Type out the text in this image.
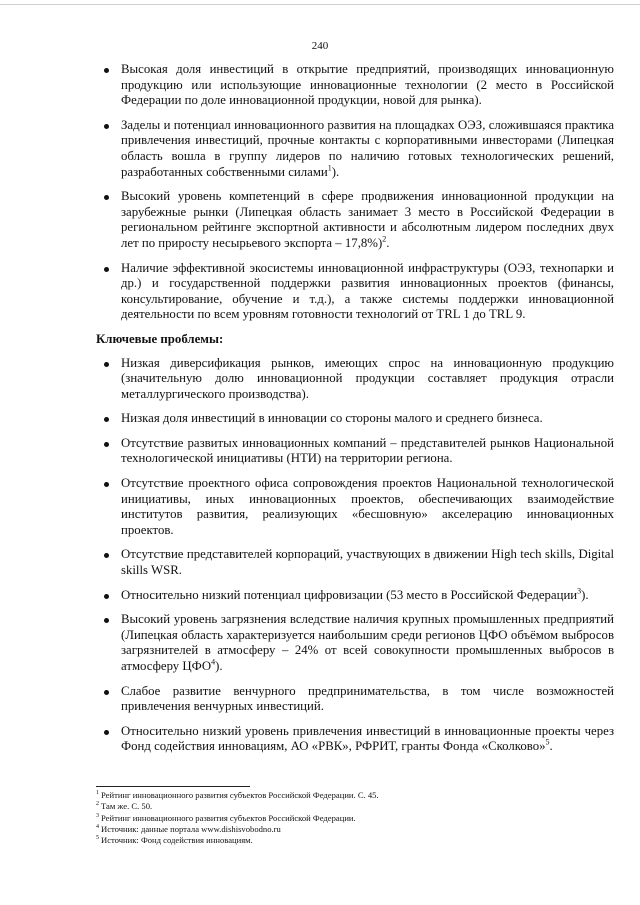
240
Высокая доля инвестиций в открытие предприятий, производящих инновационную продукцию или использующие инновационные технологии (2 место в Российской Федерации по доле инновационной продукции, новой для рынка).
Заделы и потенциал инновационного развития на площадках ОЭЗ, сложившаяся практика привлечения инвестиций, прочные контакты с корпоративными инвесторами (Липецкая область вошла в группу лидеров по наличию готовых технологических решений, разработанных собственными силами$^1$).
Высокий уровень компетенций в сфере продвижения инновационной продукции на зарубежные рынки (Липецкая область занимает 3 место в Российской Федерации в региональном рейтинге экспортной активности и абсолютным лидером последних двух лет по приросту несырьевого экспорта – 17,8%)$^2$.
Наличие эффективной экосистемы инновационной инфраструктуры (ОЭЗ, технопарки и др.) и государственной поддержки развития инновационных проектов (финансы, консультирование, обучение и т.д.), а также системы поддержки инновационной деятельности по всем уровням готовности технологий от TRL 1 до TRL 9.
Ключевые проблемы:
Низкая диверсификация рынков, имеющих спрос на инновационную продукцию (значительную долю инновационной продукции составляет продукция отрасли металлургического производства).
Низкая доля инвестиций в инновации со стороны малого и среднего бизнеса.
Отсутствие развитых инновационных компаний – представителей рынков Национальной технологической инициативы (НТИ) на территории региона.
Отсутствие проектного офиса сопровождения проектов Национальной технологической инициативы, иных инновационных проектов, обеспечивающих взаимодействие институтов развития, реализующих «бесшовную» акселерацию инновационных проектов.
Отсутствие представителей корпораций, участвующих в движении High tech skills, Digital skills WSR.
Относительно низкий потенциал цифровизации (53 место в Российской Федерации$^3$).
Высокий уровень загрязнения вследствие наличия крупных промышленных предприятий (Липецкая область характеризуется наибольшим среди регионов ЦФО объёмом выбросов загрязнителей в атмосферу – 24% от всей совокупности промышленных выбросов в атмосферу ЦФО$^4$).
Слабое развитие венчурного предпринимательства, в том числе возможностей привлечения венчурных инвестиций.
Относительно низкий уровень привлечения инвестиций в инновационные проекты через Фонд содействия инновациям, АО «РВК», РФРИТ, гранты Фонда «Сколково»$^5$.
$^1$ Рейтинг инновационного развития субъектов Российской Федерации. С. 45.
$^2$ Там же. С. 50.
$^3$ Рейтинг инновационного развития субъектов Российской Федерации.
$^4$ Источник: данные портала www.dishisvobodno.ru
$^5$ Источник: Фонд содействия инновациям.
